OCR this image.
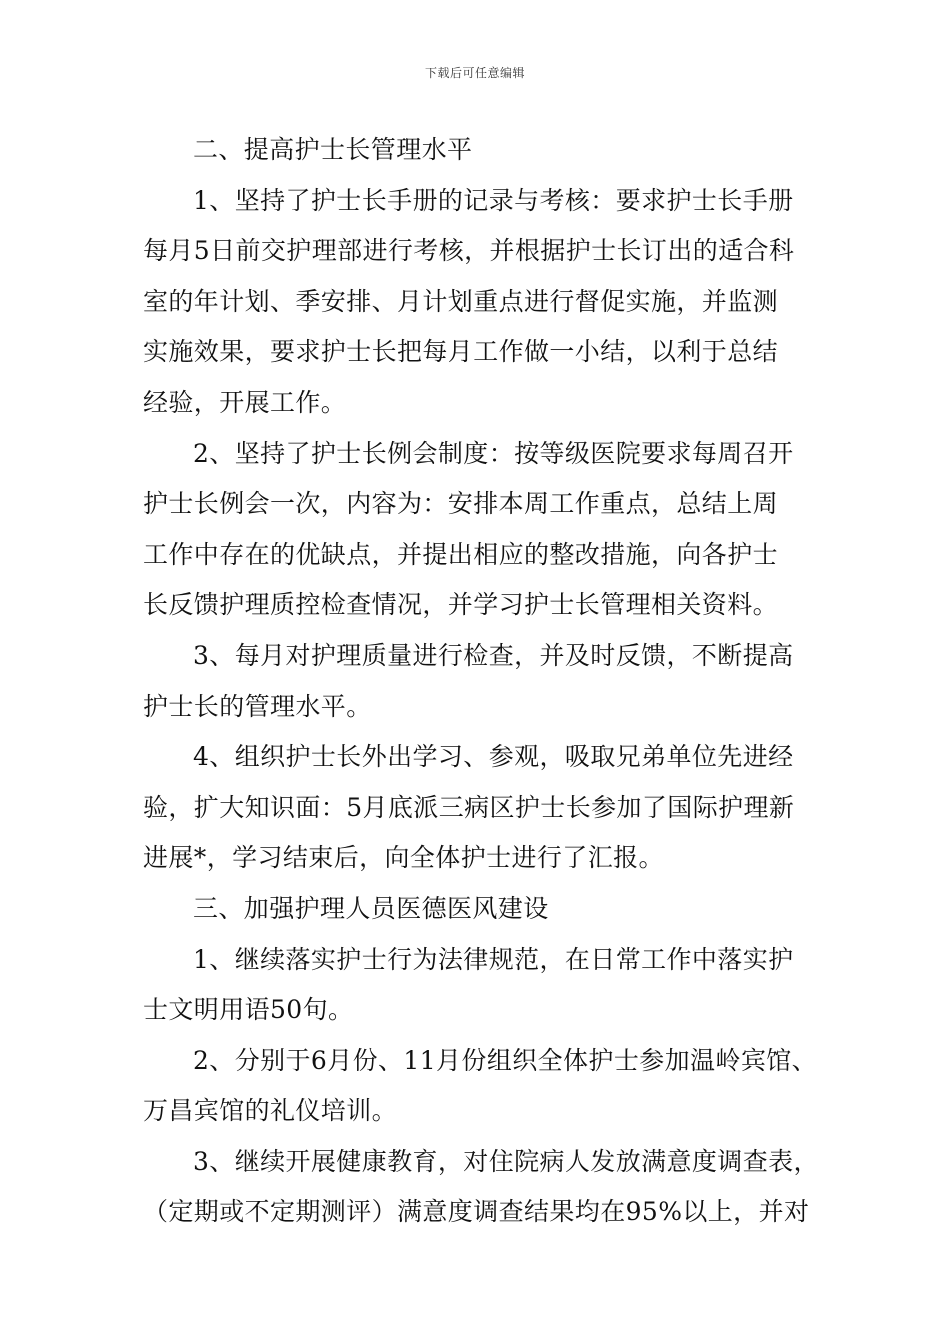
下载后可任意编辑

二、提高护士长管理水平

1、坚持了护士长手册的记录与考核：要求护士长手册
每月5日前交护理部进行考核，并根据护士长订出的适合科
室的年计划、季安排、月计划重点进行督促实施，并监测
实施效果，要求护士长把每月工作做一小结，以利于总结
经验，开展工作。

2、坚持了护士长例会制度：按等级医院要求每周召开
护士长例会一次，内容为：安排本周工作重点，总结上周
工作中存在的优缺点，并提出相应的整改措施，向各护士
长反馈护理质控检查情况，并学习护士长管理相关资料。

3、每月对护理质量进行检查，并及时反馈，不断提高
护士长的管理水平。

4、组织护士长外出学习、参观，吸取兄弟单位先进经
验，扩大知识面：5月底派三病区护士长参加了国际护理新
进展*，学习结束后，向全体护士进行了汇报。

三、加强护理人员医德医风建设

1、继续落实护士行为法律规范，在日常工作中落实护
士文明用语50句。

2、分别于6月份、11月份组织全体护士参加温岭宾馆、
万昌宾馆的礼仪培训。

3、继续开展健康教育，对住院病人发放满意度调查表，
（定期或不定期测评）满意度调查结果均在95%以上，并对
